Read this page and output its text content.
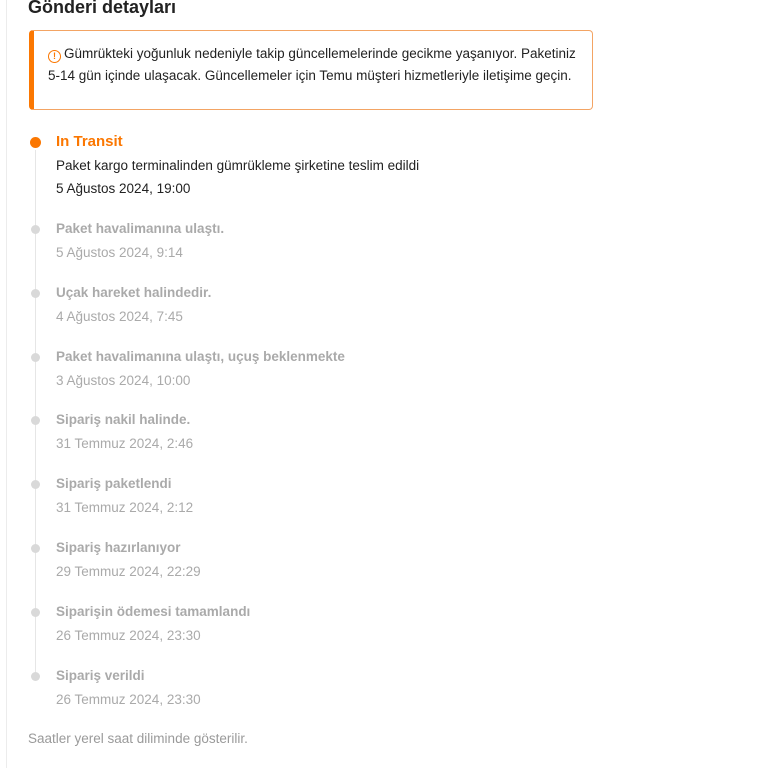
Gönderi detayları
! Gümrükteki yoğunluk nedeniyle takip güncellemelerinde gecikme yaşanıyor. Paketiniz 5-14 gün içinde ulaşacak. Güncellemeler için Temu müşteri hizmetleriyle iletişime geçin.
In Transit
Paket kargo terminalinden gümrükleme şirketine teslim edildi
5 Ağustos 2024, 19:00
Paket havalimanına ulaştı.
5 Ağustos 2024, 9:14
Uçak hareket halindedir.
4 Ağustos 2024, 7:45
Paket havalimanına ulaştı, uçuş beklenmekte
3 Ağustos 2024, 10:00
Sipariş nakil halinde.
31 Temmuz 2024, 2:46
Sipariş paketlendi
31 Temmuz 2024, 2:12
Sipariş hazırlanıyor
29 Temmuz 2024, 22:29
Siparişin ödemesi tamamlandı
26 Temmuz 2024, 23:30
Sipariş verildi
26 Temmuz 2024, 23:30
Saatler yerel saat diliminde gösterilir.
